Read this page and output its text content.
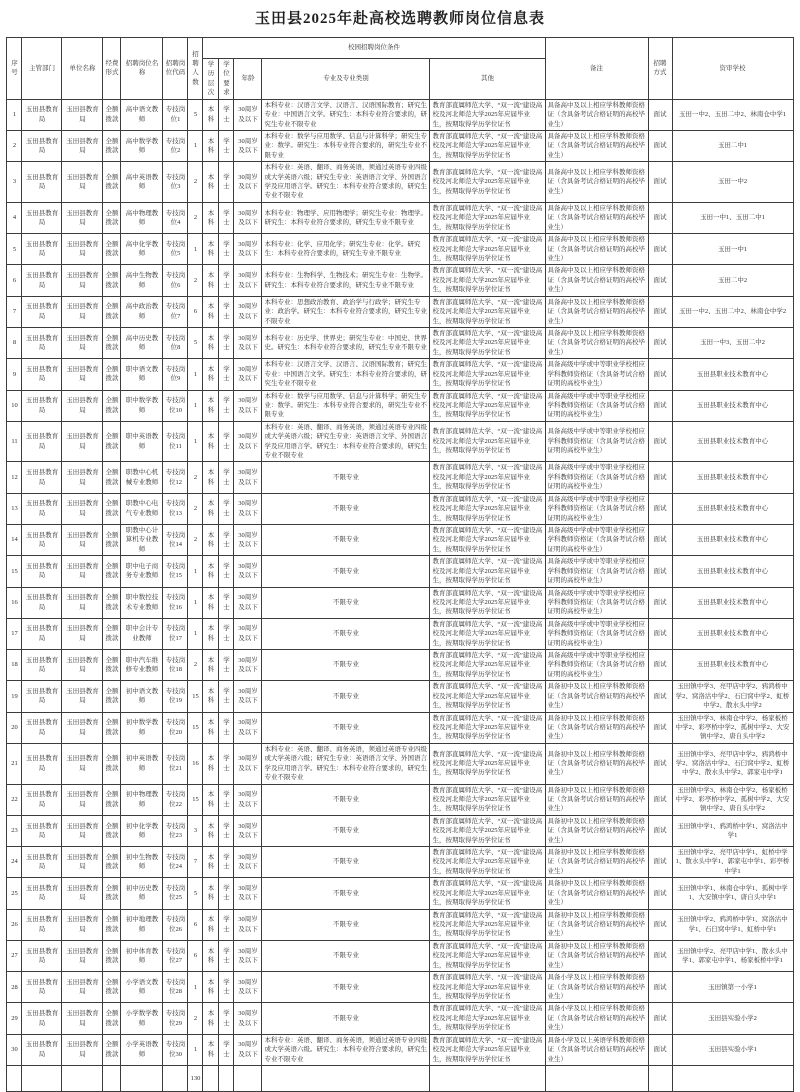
玉田县2025年赴高校选聘教师岗位信息表
序号	主管部门	单位名称	经费形式	招聘岗位名称	招聘岗位代码	招聘人数	校园招聘岗位条件					备注	招聘方式	资审学校
							学历层次	学位要求	年龄	专业及专业类别	其他			
1	玉田县教育局	玉田县教育局	全额拨款	高中语文教师	专技岗位1	5	本科	学士	30周岁及以下	本科专业：汉语言文学、汉语言、汉语国际教育；研究生专业：中国语言文学。研究生：本科专业符合要求的，研究生专业不限专业	教育部直属师范大学、“双一流”建设高校及河北师范大学2025年应届毕业生，按期取得学历学位证书	具备高中及以上相应学科教师资格证（含具备考试合格证明的高校毕业生）	面试	玉田一中2、玉田二中2、林南仓中学1
2	玉田县教育局	玉田县教育局	全额拨款	高中数学教师	专技岗位2	1	本科	学士	30周岁及以下	本科专业：数学与应用数学、信息与计算科学；研究生专业：数学。研究生：本科专业符合要求的，研究生专业不限专业	教育部直属师范大学、“双一流”建设高校及河北师范大学2025年应届毕业生，按期取得学历学位证书	具备高中及以上相应学科教师资格证（含具备考试合格证明的高校毕业生）	面试	玉田二中1
3	玉田县教育局	玉田县教育局	全额拨款	高中英语教师	专技岗位3	2	本科	学士	30周岁及以下	本科专业：英语、翻译、商务英语，须通过英语专业四级或大学英语六级；研究生专业：英语语言文学、外国语言学及应用语言学。研究生：本科专业符合要求的，研究生专业不限专业	教育部直属师范大学、“双一流”建设高校及河北师范大学2025年应届毕业生，按期取得学历学位证书	具备高中及以上相应学科教师资格证（含具备考试合格证明的高校毕业生）	面试	玉田一中2
4	玉田县教育局	玉田县教育局	全额拨款	高中物理教师	专技岗位4	2	本科	学士	30周岁及以下	本科专业：物理学、应用物理学；研究生专业：物理学。研究生：本科专业符合要求的，研究生专业不限专业	教育部直属师范大学、“双一流”建设高校及河北师范大学2025年应届毕业生，按期取得学历学位证书	具备高中及以上相应学科教师资格证（含具备考试合格证明的高校毕业生）	面试	玉田一中1、玉田二中1
5	玉田县教育局	玉田县教育局	全额拨款	高中化学教师	专技岗位5	1	本科	学士	30周岁及以下	本科专业：化学、应用化学；研究生专业：化学。研究生：本科专业符合要求的，研究生专业不限专业	教育部直属师范大学、“双一流”建设高校及河北师范大学2025年应届毕业生，按期取得学历学位证书	具备高中及以上相应学科教师资格证（含具备考试合格证明的高校毕业生）	面试	玉田一中1
6	玉田县教育局	玉田县教育局	全额拨款	高中生物教师	专技岗位6	2	本科	学士	30周岁及以下	本科专业：生物科学、生物技术；研究生专业：生物学。研究生：本科专业符合要求的，研究生专业不限专业	教育部直属师范大学、“双一流”建设高校及河北师范大学2025年应届毕业生，按期取得学历学位证书	具备高中及以上相应学科教师资格证（含具备考试合格证明的高校毕业生）	面试	玉田二中2
7	玉田县教育局	玉田县教育局	全额拨款	高中政治教师	专技岗位7	6	本科	学士	30周岁及以下	本科专业：思想政治教育、政治学与行政学；研究生专业：政治学。研究生：本科专业符合要求的，研究生专业不限专业	教育部直属师范大学、“双一流”建设高校及河北师范大学2025年应届毕业生，按期取得学历学位证书	具备高中及以上相应学科教师资格证（含具备考试合格证明的高校毕业生）	面试	玉田一中2、玉田二中2、林南仓中学2
8	玉田县教育局	玉田县教育局	全额拨款	高中历史教师	专技岗位8	5	本科	学士	30周岁及以下	本科专业：历史学、世界史；研究生专业：中国史、世界史。研究生：本科专业符合要求的，研究生专业不限专业	教育部直属师范大学、“双一流”建设高校及河北师范大学2025年应届毕业生，按期取得学历学位证书	具备高中及以上相应学科教师资格证（含具备考试合格证明的高校毕业生）	面试	玉田一中3、玉田二中2
9	玉田县教育局	玉田县教育局	全额拨款	职中语文教师	专技岗位9	1	本科	学士	30周岁及以下	本科专业：汉语言文学、汉语言、汉语国际教育；研究生专业：中国语言文学。研究生：本科专业符合要求的，研究生专业不限专业	教育部直属师范大学、“双一流”建设高校及河北师范大学2025年应届毕业生，按期取得学历学位证书	具备高级中学或中等职业学校相应学科教师资格证（含具备考试合格证明的高校毕业生）	面试	玉田县职业技术教育中心
10	玉田县教育局	玉田县教育局	全额拨款	职中数学教师	专技岗位10	1	本科	学士	30周岁及以下	本科专业：数学与应用数学、信息与计算科学；研究生专业：数学。研究生：本科专业符合要求的，研究生专业不限专业	教育部直属师范大学、“双一流”建设高校及河北师范大学2025年应届毕业生，按期取得学历学位证书	具备高级中学或中等职业学校相应学科教师资格证（含具备考试合格证明的高校毕业生）	面试	玉田县职业技术教育中心
11	玉田县教育局	玉田县教育局	全额拨款	职中英语教师	专技岗位11	1	本科	学士	30周岁及以下	本科专业：英语、翻译、商务英语，须通过英语专业四级或大学英语六级；研究生专业：英语语言文学、外国语言学及应用语言学。研究生：本科专业符合要求的，研究生专业不限专业	教育部直属师范大学、“双一流”建设高校及河北师范大学2025年应届毕业生，按期取得学历学位证书	具备高级中学或中等职业学校相应学科教师资格证（含具备考试合格证明的高校毕业生）	面试	玉田县职业技术教育中心
12	玉田县教育局	玉田县教育局	全额拨款	职教中心机械专业教师	专技岗位12	2	本科	学士	30周岁及以下	不限专业	教育部直属师范大学、“双一流”建设高校及河北师范大学2025年应届毕业生，按期取得学历学位证书	具备高级中学或中等职业学校相应学科教师资格证（含具备考试合格证明的高校毕业生）	面试	玉田县职业技术教育中心
13	玉田县教育局	玉田县教育局	全额拨款	职教中心电气专业教师	专技岗位13	2	本科	学士	30周岁及以下	不限专业	教育部直属师范大学、“双一流”建设高校及河北师范大学2025年应届毕业生，按期取得学历学位证书	具备高级中学或中等职业学校相应学科教师资格证（含具备考试合格证明的高校毕业生）	面试	玉田县职业技术教育中心
14	玉田县教育局	玉田县教育局	全额拨款	职教中心计算机专业教师	专技岗位14	2	本科	学士	30周岁及以下	不限专业	教育部直属师范大学、“双一流”建设高校及河北师范大学2025年应届毕业生，按期取得学历学位证书	具备高级中学或中等职业学校相应学科教师资格证（含具备考试合格证明的高校毕业生）	面试	玉田县职业技术教育中心
15	玉田县教育局	玉田县教育局	全额拨款	职中电子商务专业教师	专技岗位15	1	本科	学士	30周岁及以下	不限专业	教育部直属师范大学、“双一流”建设高校及河北师范大学2025年应届毕业生，按期取得学历学位证书	具备高级中学或中等职业学校相应学科教师资格证（含具备考试合格证明的高校毕业生）	面试	玉田县职业技术教育中心
16	玉田县教育局	玉田县教育局	全额拨款	职中数控技术专业教师	专技岗位16	1	本科	学士	30周岁及以下	不限专业	教育部直属师范大学、“双一流”建设高校及河北师范大学2025年应届毕业生，按期取得学历学位证书	具备高级中学或中等职业学校相应学科教师资格证（含具备考试合格证明的高校毕业生）	面试	玉田县职业技术教育中心
17	玉田县教育局	玉田县教育局	全额拨款	职中会计专业教师	专技岗位17	1	本科	学士	30周岁及以下	不限专业	教育部直属师范大学、“双一流”建设高校及河北师范大学2025年应届毕业生，按期取得学历学位证书	具备高级中学或中等职业学校相应学科教师资格证（含具备考试合格证明的高校毕业生）	面试	玉田县职业技术教育中心
18	玉田县教育局	玉田县教育局	全额拨款	职中汽车维修专业教师	专技岗位18	2	本科	学士	30周岁及以下	不限专业	教育部直属师范大学、“双一流”建设高校及河北师范大学2025年应届毕业生，按期取得学历学位证书	具备高级中学或中等职业学校相应学科教师资格证（含具备考试合格证明的高校毕业生）	面试	玉田县职业技术教育中心
19	玉田县教育局	玉田县教育局	全额拨款	初中语文教师	专技岗位19	15	本科	学士	30周岁及以下	不限专业	教育部直属师范大学、“双一流”建设高校及河北师范大学2025年应届毕业生，按期取得学历学位证书	具备初中及以上相应学科教师资格证（含具备考试合格证明的高校毕业生）	面试	玉田镇中学3、亮甲店中学2、鸦鸿桥中学2、窝洛沽中学2、石臼窝中学2、虹桥中学2、散水头中学2
20	玉田县教育局	玉田县教育局	全额拨款	初中数学教师	专技岗位20	15	本科	学士	30周岁及以下	不限专业	教育部直属师范大学、“双一流”建设高校及河北师范大学2025年应届毕业生，按期取得学历学位证书	具备初中及以上相应学科教师资格证（含具备考试合格证明的高校毕业生）	面试	玉田镇中学3、林南仓中学2、杨家板桥中学2、彩亭桥中学2、孤树中学2、大安镇中学2、唐自头中学2
21	玉田县教育局	玉田县教育局	全额拨款	初中英语教师	专技岗位21	16	本科	学士	30周岁及以下	本科专业：英语、翻译、商务英语，须通过英语专业四级或大学英语六级；研究生专业：英语语言文学、外国语言学及应用语言学。研究生：本科专业符合要求的，研究生专业不限专业	教育部直属师范大学、“双一流”建设高校及河北师范大学2025年应届毕业生，按期取得学历学位证书	具备初中及以上相应学科教师资格证（含具备考试合格证明的高校毕业生）	面试	玉田镇中学3、亮甲店中学2、鸦鸿桥中学2、窝洛沽中学2、石臼窝中学2、虹桥中学2、散水头中学2、郭家屯中学1
22	玉田县教育局	玉田县教育局	全额拨款	初中物理教师	专技岗位22	15	本科	学士	30周岁及以下	不限专业	教育部直属师范大学、“双一流”建设高校及河北师范大学2025年应届毕业生，按期取得学历学位证书	具备初中及以上相应学科教师资格证（含具备考试合格证明的高校毕业生）	面试	玉田镇中学3、林南仓中学2、杨家板桥中学2、彩亭桥中学2、孤树中学2、大安镇中学2、唐自头中学2
23	玉田县教育局	玉田县教育局	全额拨款	初中化学教师	专技岗位23	3	本科	学士	30周岁及以下	不限专业	教育部直属师范大学、“双一流”建设高校及河北师范大学2025年应届毕业生，按期取得学历学位证书	具备初中及以上相应学科教师资格证（含具备考试合格证明的高校毕业生）	面试	玉田镇中学1、鸦鸿桥中学1、窝洛沽中学1
24	玉田县教育局	玉田县教育局	全额拨款	初中生物教师	专技岗位24	7	本科	学士	30周岁及以下	不限专业	教育部直属师范大学、“双一流”建设高校及河北师范大学2025年应届毕业生，按期取得学历学位证书	具备初中及以上相应学科教师资格证（含具备考试合格证明的高校毕业生）	面试	玉田镇中学2、亮甲店中学1、虹桥中学1、散水头中学1、郭家屯中学1、彩亭桥中学1
25	玉田县教育局	玉田县教育局	全额拨款	初中历史教师	专技岗位25	5	本科	学士	30周岁及以下	不限专业	教育部直属师范大学、“双一流”建设高校及河北师范大学2025年应届毕业生，按期取得学历学位证书	具备初中及以上相应学科教师资格证（含具备考试合格证明的高校毕业生）	面试	玉田镇中学1、林南仓中学1、孤树中学1、大安镇中学1、唐自头中学1
26	玉田县教育局	玉田县教育局	全额拨款	初中地理教师	专技岗位26	6	本科	学士	30周岁及以下	不限专业	教育部直属师范大学、“双一流”建设高校及河北师范大学2025年应届毕业生，按期取得学历学位证书	具备初中及以上相应学科教师资格证（含具备考试合格证明的高校毕业生）	面试	玉田镇中学2、鸦鸿桥中学1、窝洛沽中学1、石臼窝中学1、虹桥中学1
27	玉田县教育局	玉田县教育局	全额拨款	初中体育教师	专技岗位27	6	本科	学士	30周岁及以下	不限专业	教育部直属师范大学、“双一流”建设高校及河北师范大学2025年应届毕业生，按期取得学历学位证书	具备初中及以上相应学科教师资格证（含具备考试合格证明的高校毕业生）	面试	玉田镇中学2、亮甲店中学1、散水头中学1、郭家屯中学1、杨家板桥中学1
28	玉田县教育局	玉田县教育局	全额拨款	小学语文教师	专技岗位28	1	本科	学士	30周岁及以下	不限专业	教育部直属师范大学、“双一流”建设高校及河北师范大学2025年应届毕业生，按期取得学历学位证书	具备小学及以上相应学科教师资格证（含具备考试合格证明的高校毕业生）	面试	玉田镇第一小学1
29	玉田县教育局	玉田县教育局	全额拨款	小学数学教师	专技岗位29	2	本科	学士	30周岁及以下	不限专业	教育部直属师范大学、“双一流”建设高校及河北师范大学2025年应届毕业生，按期取得学历学位证书	具备小学及以上相应学科教师资格证（含具备考试合格证明的高校毕业生）	面试	玉田县实验小学2
30	玉田县教育局	玉田县教育局	全额拨款	小学英语教师	专技岗位30	1	本科	学士	30周岁及以下	本科专业：英语、翻译、商务英语，须通过英语专业四级或大学英语六级。研究生：本科专业符合要求的，研究生专业不限专业	教育部直属师范大学、“双一流”建设高校及河北师范大学2025年应届毕业生，按期取得学历学位证书	具备小学及以上英语学科教师资格证（含具备考试合格证明的高校毕业生）	面试	玉田县实验小学1
						130								
